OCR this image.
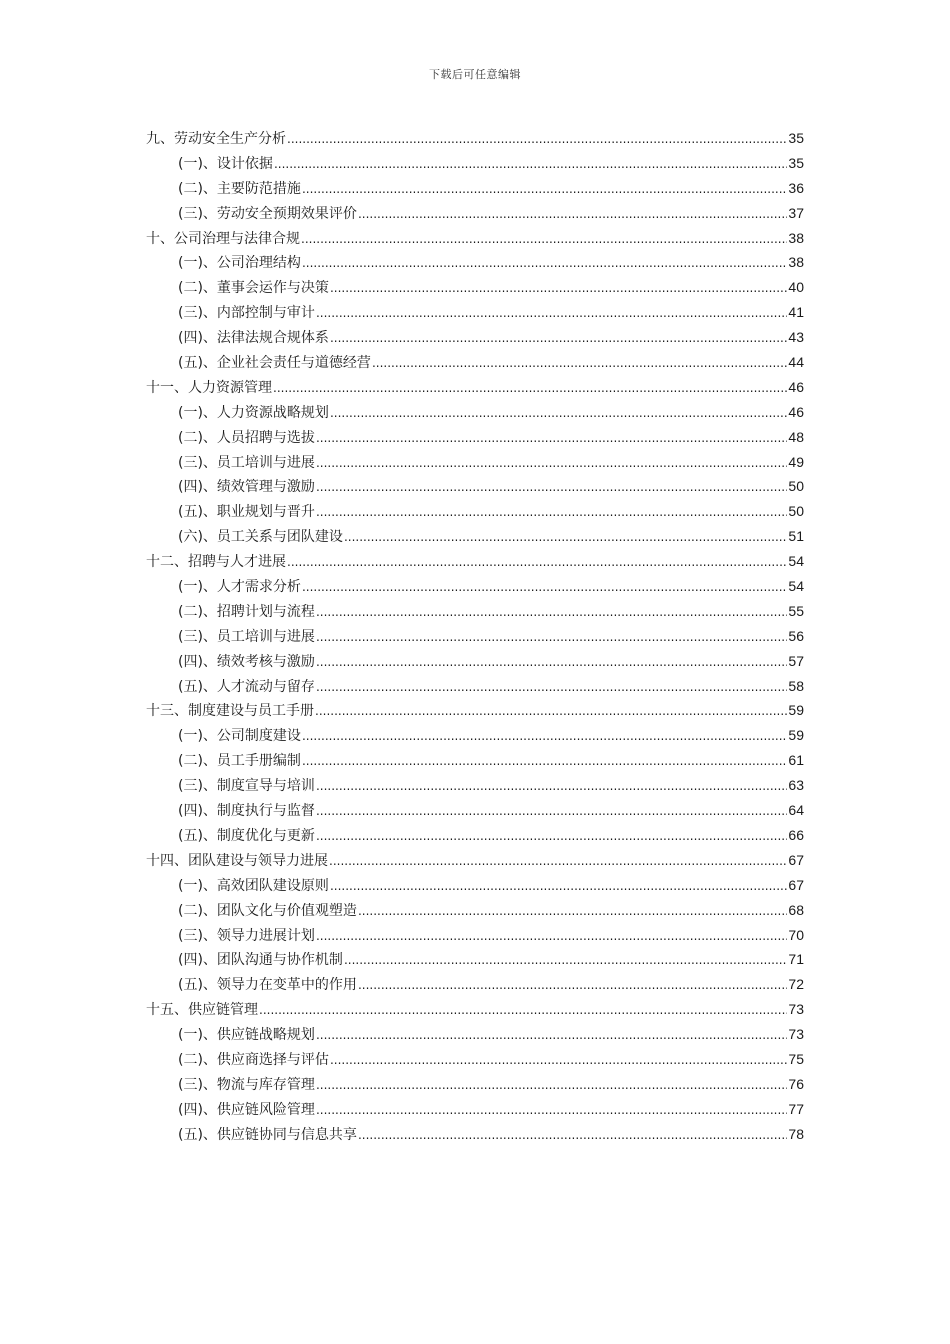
下载后可任意编辑
九、劳动安全生产分析 .....	35
(一)、设计依据 .....	35
(二)、主要防范措施 .....	36
(三)、劳动安全预期效果评价 .....	37
十、公司治理与法律合规 .....	38
(一)、公司治理结构 .....	38
(二)、董事会运作与决策 .....	40
(三)、内部控制与审计 .....	41
(四)、法律法规合规体系 .....	43
(五)、企业社会责任与道德经营 .....	44
十一、人力资源管理 .....	46
(一)、人力资源战略规划 .....	46
(二)、人员招聘与选拔 .....	48
(三)、员工培训与进展 .....	49
(四)、绩效管理与激励 .....	50
(五)、职业规划与晋升 .....	50
(六)、员工关系与团队建设 .....	51
十二、招聘与人才进展 .....	54
(一)、人才需求分析 .....	54
(二)、招聘计划与流程 .....	55
(三)、员工培训与进展 .....	56
(四)、绩效考核与激励 .....	57
(五)、人才流动与留存 .....	58
十三、制度建设与员工手册 .....	59
(一)、公司制度建设 .....	59
(二)、员工手册编制 .....	61
(三)、制度宣导与培训 .....	63
(四)、制度执行与监督 .....	64
(五)、制度优化与更新 .....	66
十四、团队建设与领导力进展 .....	67
(一)、高效团队建设原则 .....	67
(二)、团队文化与价值观塑造 .....	68
(三)、领导力进展计划 .....	70
(四)、团队沟通与协作机制 .....	71
(五)、领导力在变革中的作用 .....	72
十五、供应链管理 .....	73
(一)、供应链战略规划 .....	73
(二)、供应商选择与评估 .....	75
(三)、物流与库存管理 .....	76
(四)、供应链风险管理 .....	77
(五)、供应链协同与信息共享 .....	78
